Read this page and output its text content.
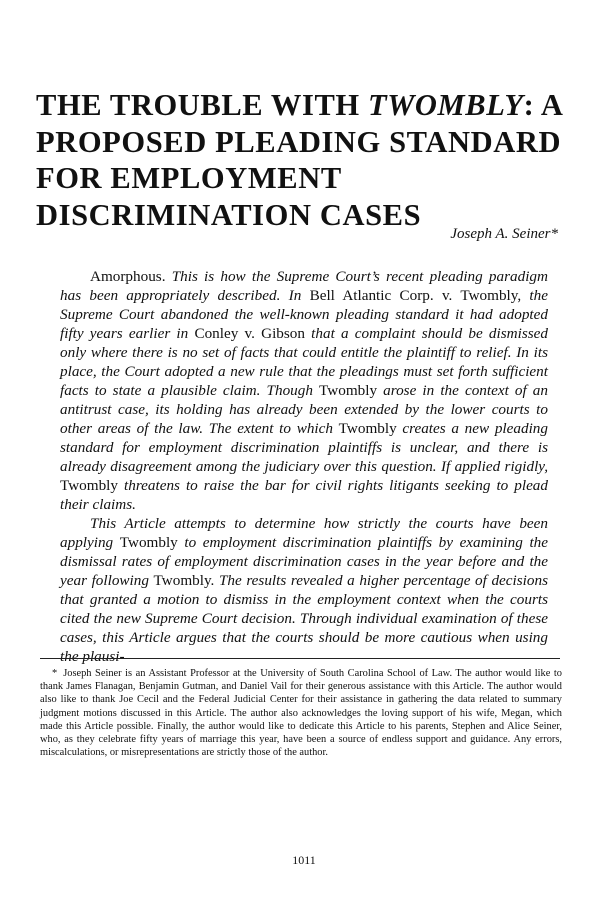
THE TROUBLE WITH TWOMBLY: A
PROPOSED PLEADING STANDARD
FOR EMPLOYMENT
DISCRIMINATION CASES
Joseph A. Seiner*

Amorphous. This is how the Supreme Court’s recent pleading paradigm has been appropriately described. In Bell Atlantic Corp. v. Twombly, the Supreme Court abandoned the well-known pleading standard it had adopted fifty years earlier in Conley v. Gibson that a complaint should be dismissed only where there is no set of facts that could entitle the plaintiff to relief. In its place, the Court adopted a new rule that the pleadings must set forth sufficient facts to state a plausible claim. Though Twombly arose in the context of an antitrust case, its holding has already been extended by the lower courts to other areas of the law. The extent to which Twombly creates a new pleading standard for employment discrimination plaintiffs is unclear, and there is already disagreement among the judiciary over this question. If applied rigidly, Twombly threatens to raise the bar for civil rights litigants seeking to plead their claims.

This Article attempts to determine how strictly the courts have been applying Twombly to employment discrimination plaintiffs by examining the dismissal rates of employment discrimination cases in the year before and the year following Twombly. The results revealed a higher percentage of decisions that granted a motion to dismiss in the employment context when the courts cited the new Supreme Court decision. Through individual examination of these cases, this Article argues that the courts should be more cautious when using the plausi-

* Joseph Seiner is an Assistant Professor at the University of South Carolina School of Law. The author would like to thank James Flanagan, Benjamin Gutman, and Daniel Vail for their generous assistance with this Article. The author would also like to thank Joe Cecil and the Federal Judicial Center for their assistance in gathering the data related to summary judgment motions discussed in this Article. The author also acknowledges the loving support of his wife, Megan, which made this Article possible. Finally, the author would like to dedicate this Article to his parents, Stephen and Alice Seiner, who, as they celebrate fifty years of marriage this year, have been a source of endless support and guidance. Any errors, miscalculations, or misrepresentations are strictly those of the author.

1011
